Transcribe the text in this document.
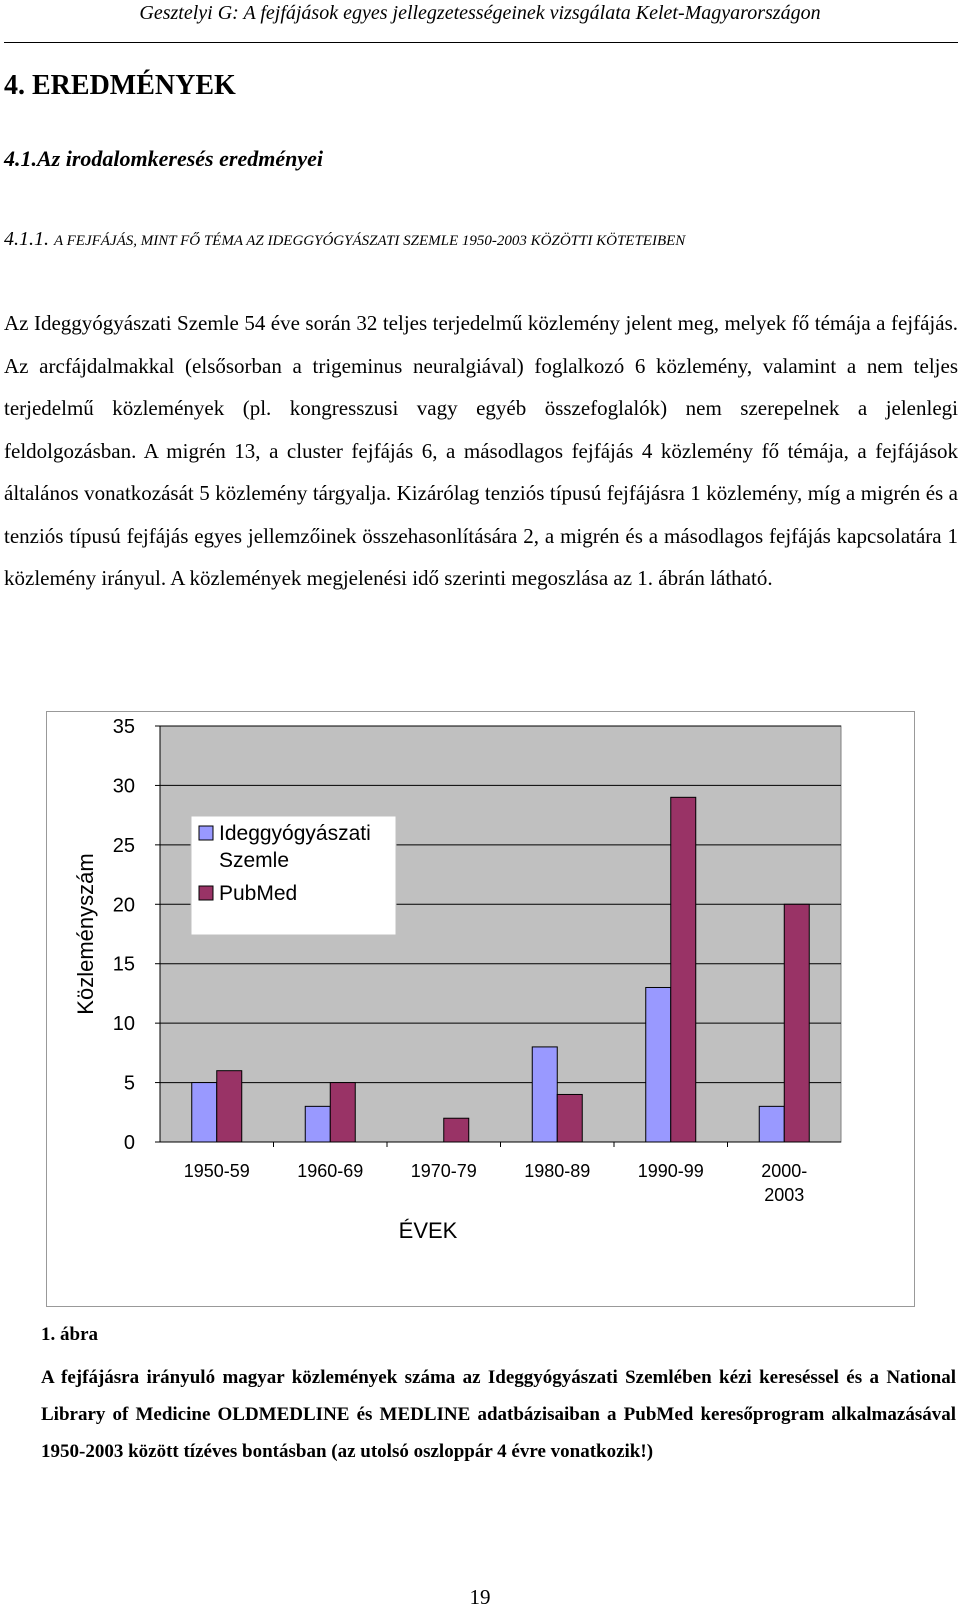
Gesztelyi G: A fejfájások egyes jellegzetességeinek vizsgálata Kelet-Magyarországon
4. EREDMÉNYEK
4.1.Az irodalomkeresés eredményei
4.1.1. A FEJFÁJÁS, MINT FŐ TÉMA AZ IDEGGYÓGYÁSZATI SZEMLE 1950-2003 KÖZÖTTI KÖTETEIBEN
Az Ideggyógyászati Szemle 54 éve során 32 teljes terjedelmű közlemény jelent meg, melyek fő témája a fejfájás. Az arcfájdalmakkal (elsősorban a trigeminus neuralgiával) foglalkozó 6 közlemény, valamint a nem teljes terjedelmű közlemények (pl. kongresszusi vagy egyéb összefoglalók) nem szerepelnek a jelenlegi feldolgozásban. A migrén 13, a cluster fejfájás 6, a másodlagos fejfájás 4 közlemény fő témája, a fejfájások általános vonatkozását 5 közlemény tárgyalja. Kizárólag tenziós típusú fejfájásra 1 közlemény, míg a migrén és a tenziós típusú fejfájás egyes jellemzőinek összehasonlítására 2, a migrén és a másodlagos fejfájás kapcsolatára 1 közlemény irányul. A közlemények megjelenési idő szerinti megoszlása az 1. ábrán látható.
0
5
10
15
20
25
30
35
1950-59	1960-69	1970-79	1980-89	1990-99	2000-
2003
ÉVEK
Közleményszám
Ideggyógyászati
Szemle
PubMed
1. ábra
A fejfájásra irányuló magyar közlemények száma az Ideggyógyászati Szemlében kézi kereséssel és a National Library of Medicine OLDMEDLINE és MEDLINE adatbázisaiban a PubMed keresőprogram alkalmazásával 1950-2003 között tízéves bontásban (az utolsó oszloppár 4 évre vonatkozik!)
19
